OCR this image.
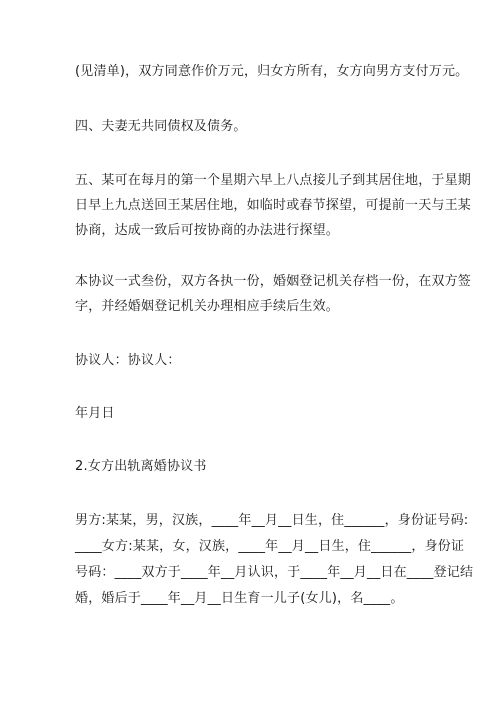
(见清单)，双方同意作价万元，归女方所有，女方向男方支付万元。
四、夫妻无共同债权及债务。
五、某可在每月的第一个星期六早上八点接儿子到其居住地，于星期
日早上九点送回王某居住地，如临时或春节探望，可提前一天与王某
协商，达成一致后可按协商的办法进行探望。
本协议一式叁份，双方各执一份，婚姻登记机关存档一份，在双方签
字，并经婚姻登记机关办理相应手续后生效。
协议人：协议人：
年月日
2.女方出轨离婚协议书
男方:某某，男，汉族，____年__月__日生，住______，身份证号码:
____女方:某某，女，汉族，____年__月__日生，住______，身份证
号码：____双方于____年__月认识，于____年__月__日在____登记结
婚，婚后于____年__月__日生育一儿子(女儿)，名____。
